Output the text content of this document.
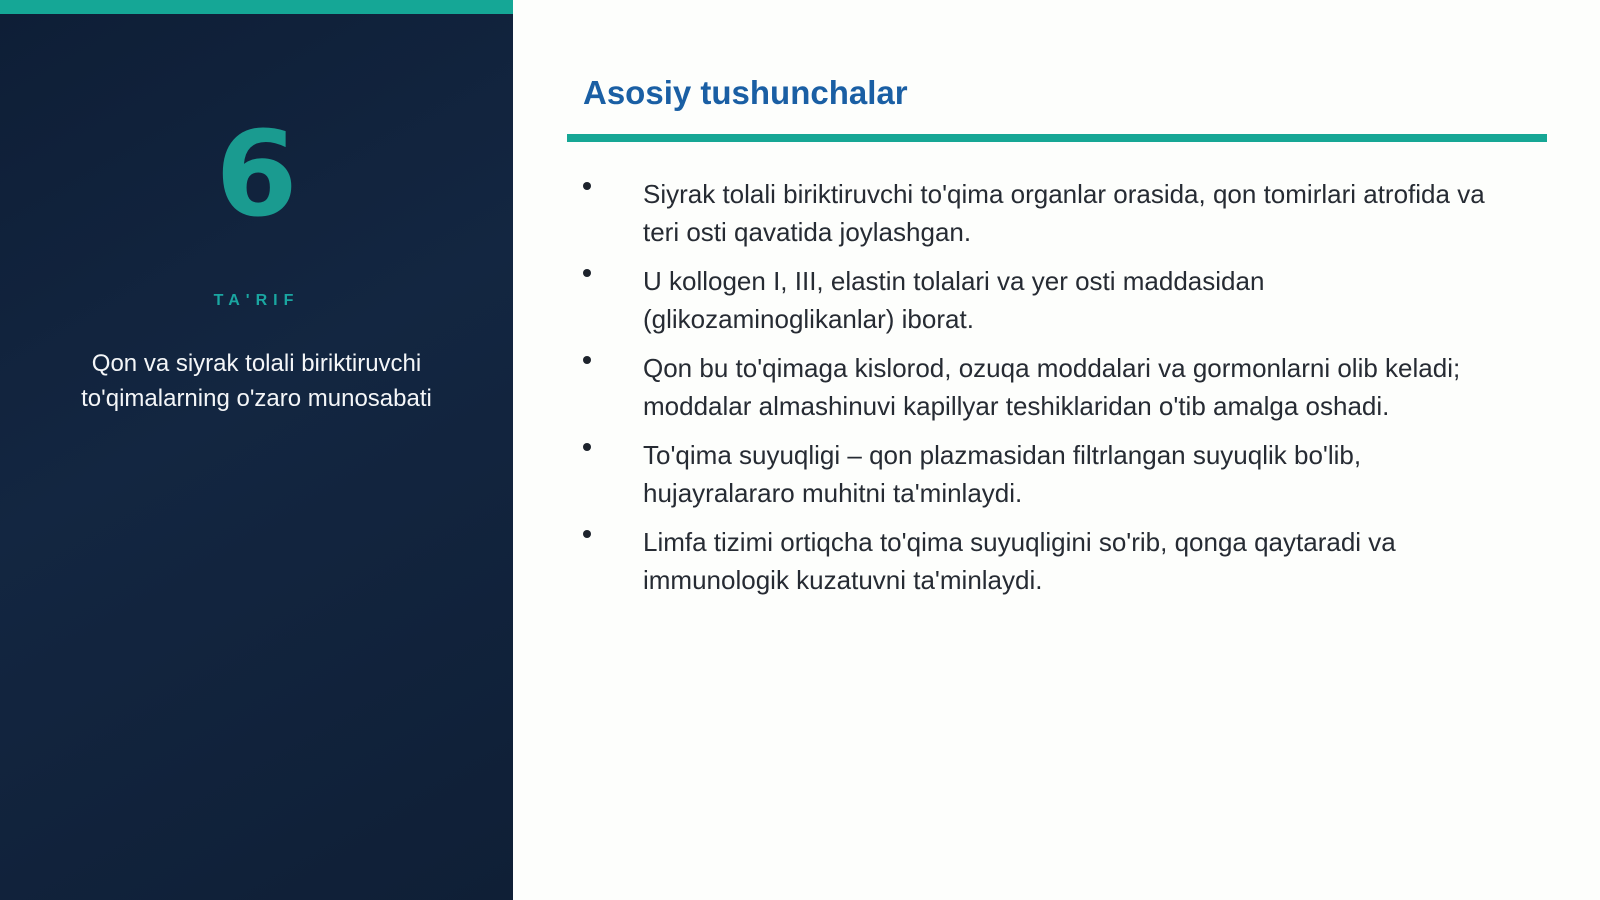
6
TA'RIF
Qon va siyrak tolali biriktiruvchi to'qimalarning o'zaro munosabati
Asosiy tushunchalar
Siyrak tolali biriktiruvchi to'qima organlar orasida, qon tomirlari atrofida va teri osti qavatida joylashgan.
U kollogen I, III, elastin tolalari va yer osti maddasidan (glikozaminoglikanlar) iborat.
Qon bu to'qimaga kislorod, ozuqa moddalari va gormonlarni olib keladi; moddalar almashinuvi kapillyar teshiklaridan o'tib amalga oshadi.
To'qima suyuqligi – qon plazmasidan filtrlangan suyuqlik bo'lib, hujayralararo muhitni ta'minlaydi.
Limfa tizimi ortiqcha to'qima suyuqligini so'rib, qonga qaytaradi va immunologik kuzatuvni ta'minlaydi.
